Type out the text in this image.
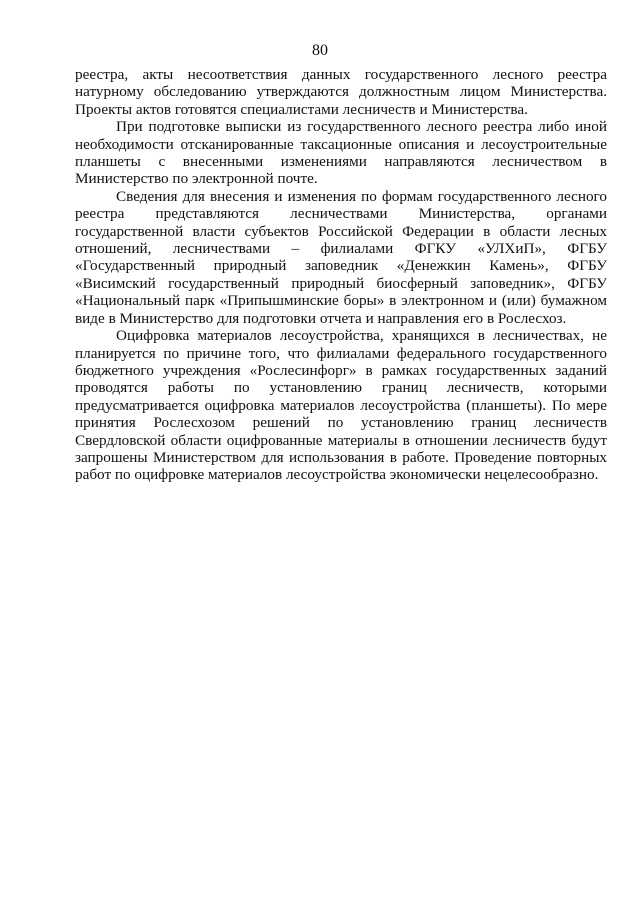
80

реестра, акты несоответствия данных государственного лесного реестра натурному обследованию утверждаются должностным лицом Министерства. Проекты актов готовятся специалистами лесничеств и Министерства.

При подготовке выписки из государственного лесного реестра либо иной необходимости отсканированные таксационные описания и лесоустроительные планшеты с внесенными изменениями направляются лесничеством в Министерство по электронной почте.

Сведения для внесения и изменения по формам государственного лесного реестра представляются лесничествами Министерства, органами государственной власти субъектов Российской Федерации в области лесных отношений, лесничествами – филиалами ФГКУ «УЛХиП», ФГБУ «Государственный природный заповедник «Денежкин Камень», ФГБУ «Висимский государственный природный биосферный заповедник», ФГБУ «Национальный парк «Припышминские боры» в электронном и (или) бумажном виде в Министерство для подготовки отчета и направления его в Рослесхоз.

Оцифровка материалов лесоустройства, хранящихся в лесничествах, не планируется по причине того, что филиалами федерального государственного бюджетного учреждения «Рослесинфорг» в рамках государственных заданий проводятся работы по установлению границ лесничеств, которыми предусматривается оцифровка материалов лесоустройства (планшеты). По мере принятия Рослесхозом решений по установлению границ лесничеств Свердловской области оцифрованные материалы в отношении лесничеств будут запрошены Министерством для использования в работе. Проведение повторных работ по оцифровке материалов лесоустройства экономически нецелесообразно.
